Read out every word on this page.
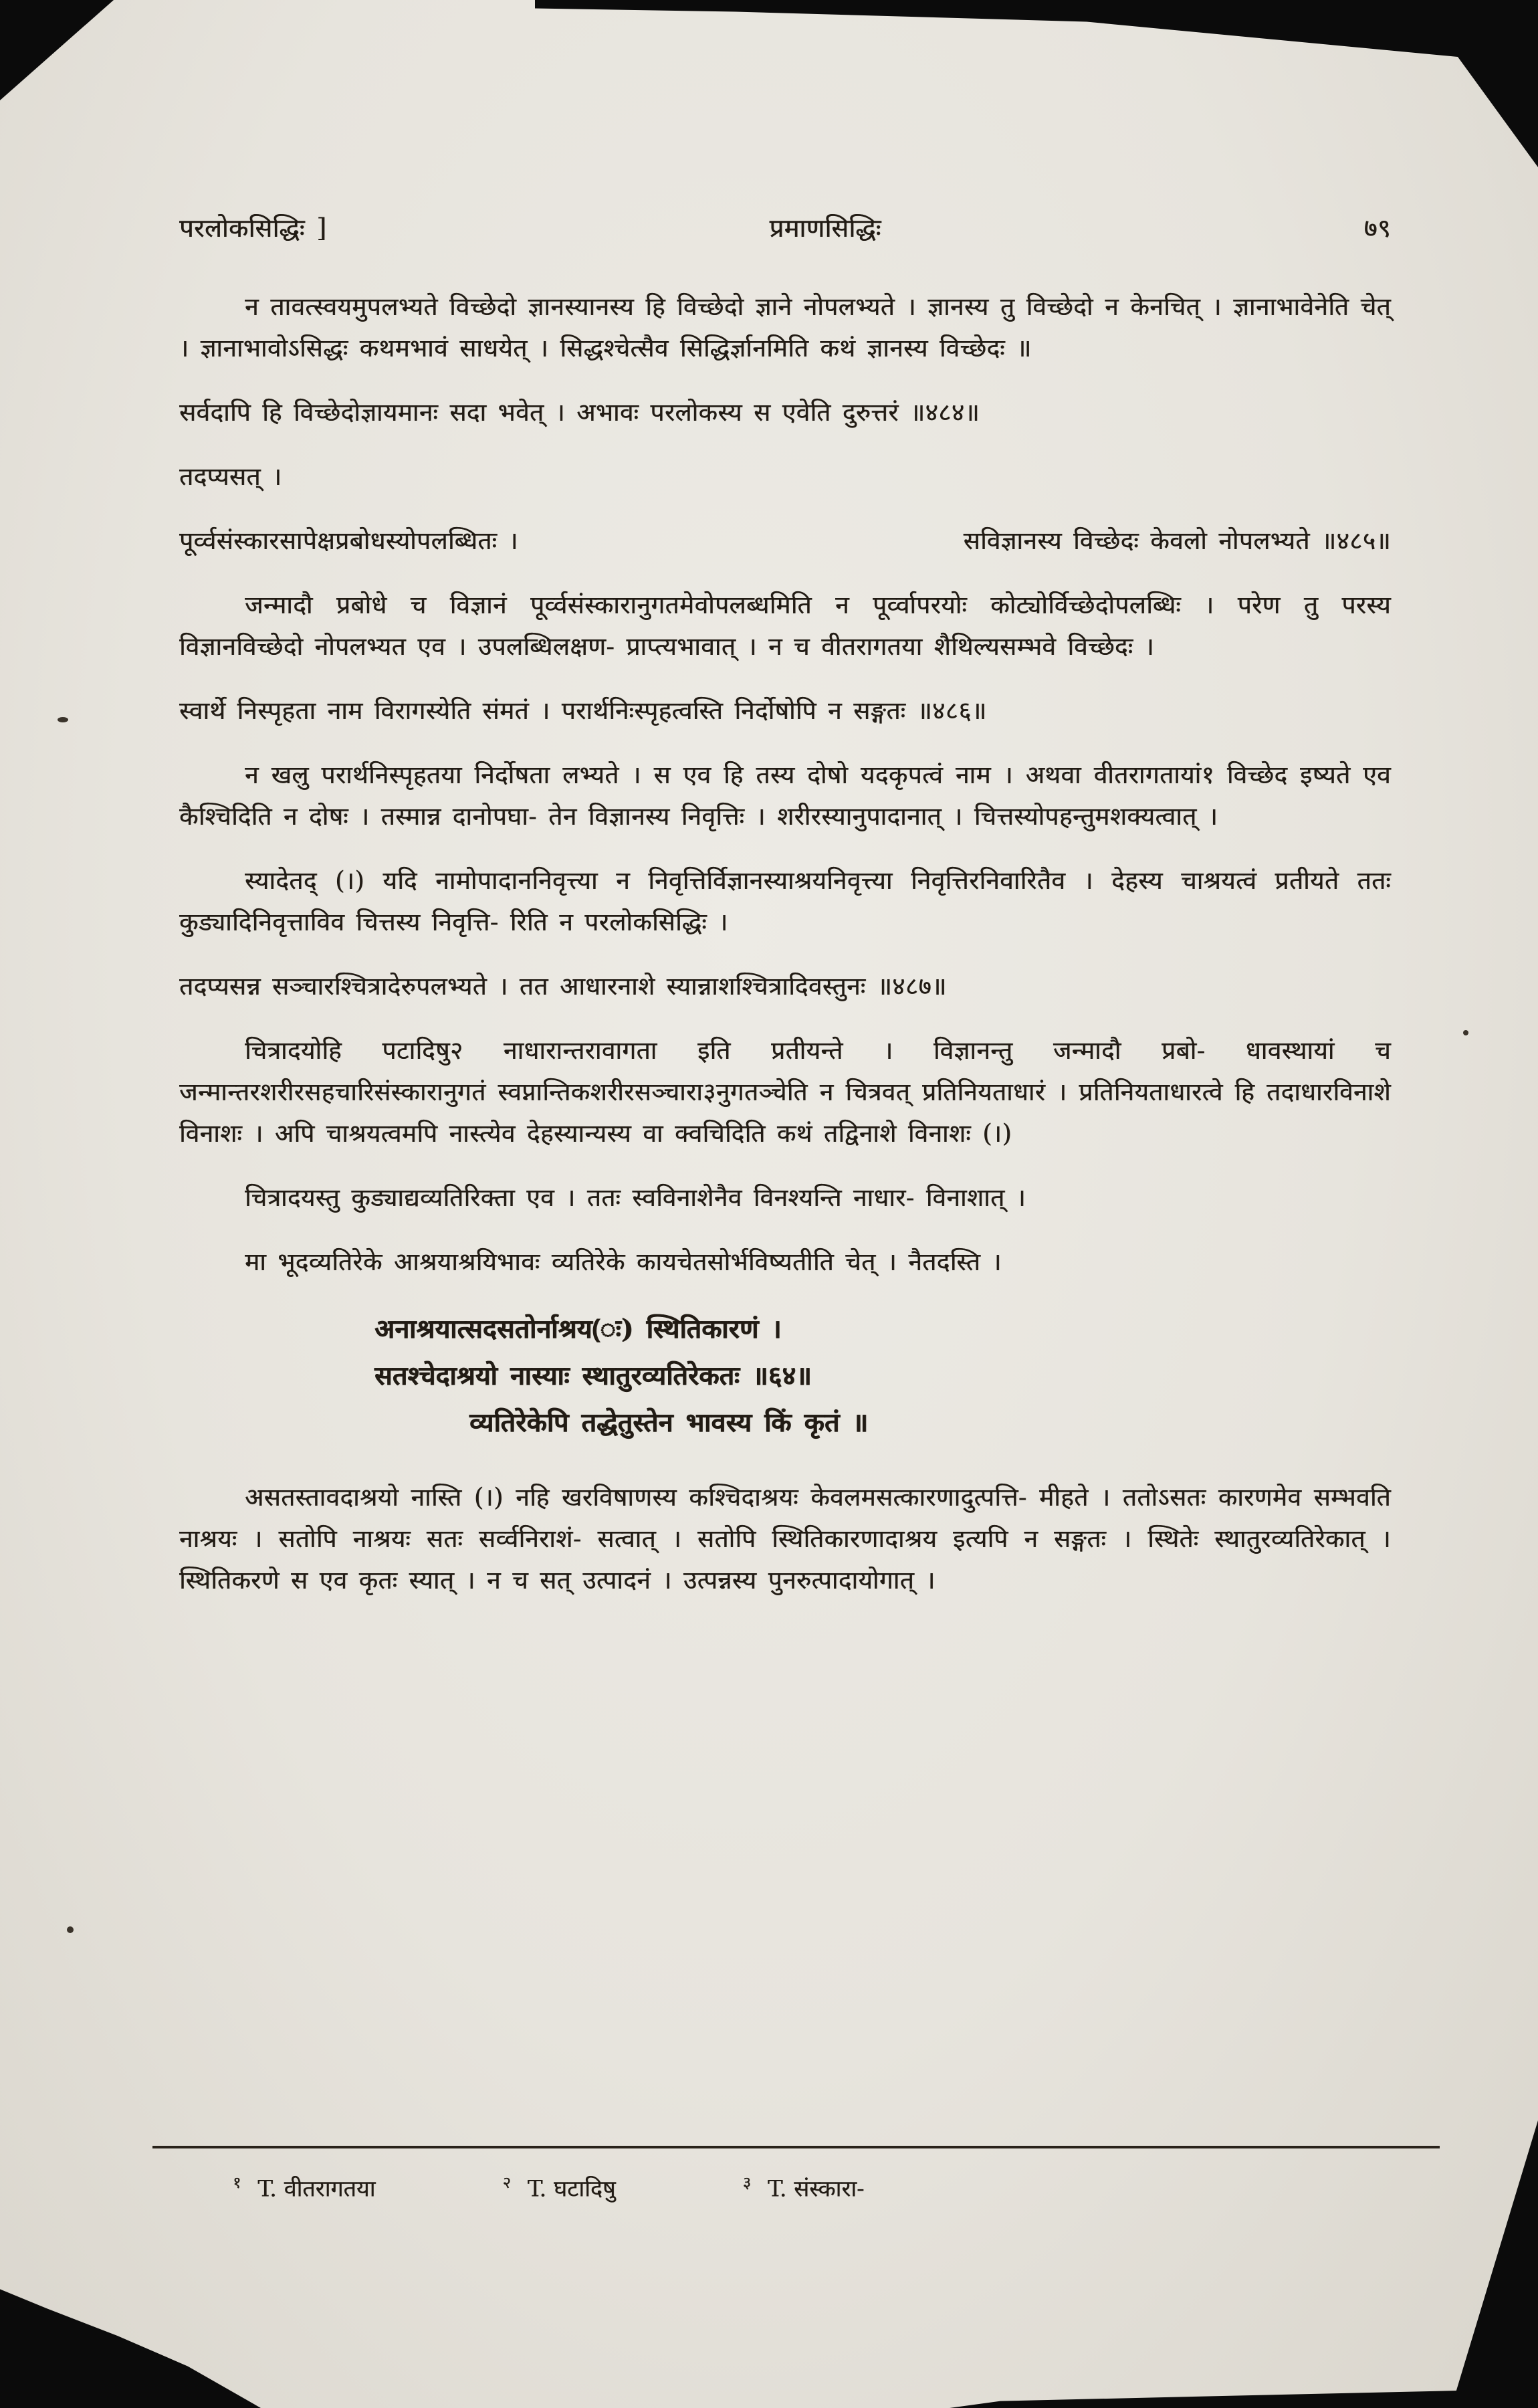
परलोकसिद्धिः ]	प्रमाणसिद्धिः	७९

न तावत्स्वयमुपलभ्यते विच्छेदो ज्ञानस्यानस्य हि विच्छेदो ज्ञाने नोपलभ्यते । ज्ञानस्य तु विच्छेदो न केनचित् । ज्ञानाभावेनेति चेत् । ज्ञानाभावोऽसिद्धः कथमभावं साधयेत् । सिद्धश्चेत्सैव सिद्धिर्ज्ञानमिति कथं ज्ञानस्य विच्छेदः ॥

सर्वदापि हि विच्छेदोज्ञायमानः सदा भवेत् । अभावः परलोकस्य स एवेति दुरुत्तरं ॥४८४॥

तदप्यसत् ।

पूर्व्वसंस्कारसापेक्षप्रबोधस्योपलब्धितः ।	सविज्ञानस्य विच्छेदः केवलो नोपलभ्यते ॥४८५॥

जन्मादौ प्रबोधे च विज्ञानं पूर्व्वसंस्कारानुगतमेवोपलब्धमिति न पूर्व्वापरयोः कोट्योर्विच्छेदोपलब्धिः । परेण तु परस्य विज्ञानविच्छेदो नोपलभ्यत एव । उपलब्धिलक्षण- प्राप्त्यभावात् । न च वीतरागतया शैथिल्यसम्भवे विच्छेदः ।

स्वार्थे निस्पृहता नाम विरागस्येति संमतं । परार्थनिःस्पृहत्वस्ति निर्दोषोपि न सङ्गतः ॥४८६॥

न खलु परार्थनिस्पृहतया निर्दोषता लभ्यते । स एव हि तस्य दोषो यदकृपत्वं नाम । अथवा वीतरागतायां१ विच्छेद इष्यते एव कैश्चिदिति न दोषः । तस्मान्न दानोपघा- तेन विज्ञानस्य निवृत्तिः । शरीरस्यानुपादानात् । चित्तस्योपहन्तुमशक्यत्वात् ।

स्यादेतद् (।) यदि नामोपादाननिवृत्त्या न निवृत्तिर्विज्ञानस्याश्रयनिवृत्त्या निवृत्तिरनिवारितैव । देहस्य चाश्रयत्वं प्रतीयते ततः कुड्यादिनिवृत्ताविव चित्तस्य निवृत्ति- रिति न परलोकसिद्धिः ।

तदप्यसन्न सञ्चारश्चित्रादेरुपलभ्यते । तत आधारनाशे स्यान्नाशश्चित्रादिवस्तुनः ॥४८७॥

चित्रादयोहि पटादिषु२ नाधारान्तरावागता इति प्रतीयन्ते । विज्ञानन्तु जन्मादौ प्रबो- धावस्थायां च जन्मान्तरशरीरसहचारिसंस्कारानुगतं स्वप्नान्तिकशरीरसञ्चारा३नुगतञ्चेति न चित्रवत् प्रतिनियताधारं । प्रतिनियताधारत्वे हि तदाधारविनाशे विनाशः । अपि चाश्रयत्वमपि नास्त्येव देहस्यान्यस्य वा क्वचिदिति कथं तद्विनाशे विनाशः (।)

चित्रादयस्तु कुड्याद्यव्यतिरिक्ता एव । ततः स्वविनाशेनैव विनश्यन्ति नाधार- विनाशात् ।

मा भूदव्यतिरेके आश्रयाश्रयिभावः व्यतिरेके कायचेतसोर्भविष्यतीति चेत् । नैतदस्ति ।

अनाश्रयात्सदसतोर्नाश्रय(ः) स्थितिकारणं ।
सतश्चेदाश्रयो नास्याः स्थातुरव्यतिरेकतः ॥६४॥
व्यतिरेकेपि तद्धेतुस्तेन भावस्य किं कृतं ॥

असतस्तावदाश्रयो नास्ति (।) नहि खरविषाणस्य कश्चिदाश्रयः केवलमसत्कारणादुत्पत्ति- मीहते । ततोऽसतः कारणमेव सम्भवति नाश्रयः । सतोपि नाश्रयः सतः सर्व्वनिराशं- सत्वात् । सतोपि स्थितिकारणादाश्रय इत्यपि न सङ्गतः । स्थितेः स्थातुरव्यतिरेकात् । स्थितिकरणे स एव कृतः स्यात् । न च सत् उत्पादनं । उत्पन्नस्य पुनरुत्पादायोगात् ।

$^१$ T. वीतरागतया	$^२$ T. घटादिषु	$^३$ T. संस्कारा-
